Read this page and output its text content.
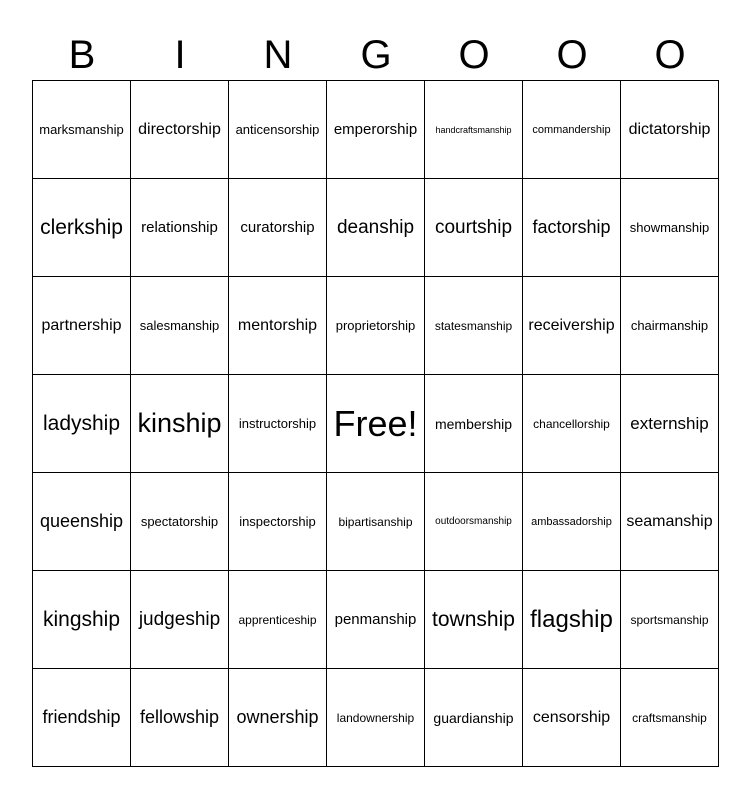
B	I	N	G	O	O	O
marksmanship	directorship	anticensorship	emperorship	handcraftsmanship	commandership	dictatorship
clerkship	relationship	curatorship	deanship	courtship	factorship	showmanship
partnership	salesmanship	mentorship	proprietorship	statesmanship	receivership	chairmanship
ladyship	kinship	instructorship	Free!	membership	chancellorship	externship
queenship	spectatorship	inspectorship	bipartisanship	outdoorsmanship	ambassadorship	seamanship
kingship	judgeship	apprenticeship	penmanship	township	flagship	sportsmanship
friendship	fellowship	ownership	landownership	guardianship	censorship	craftsmanship
